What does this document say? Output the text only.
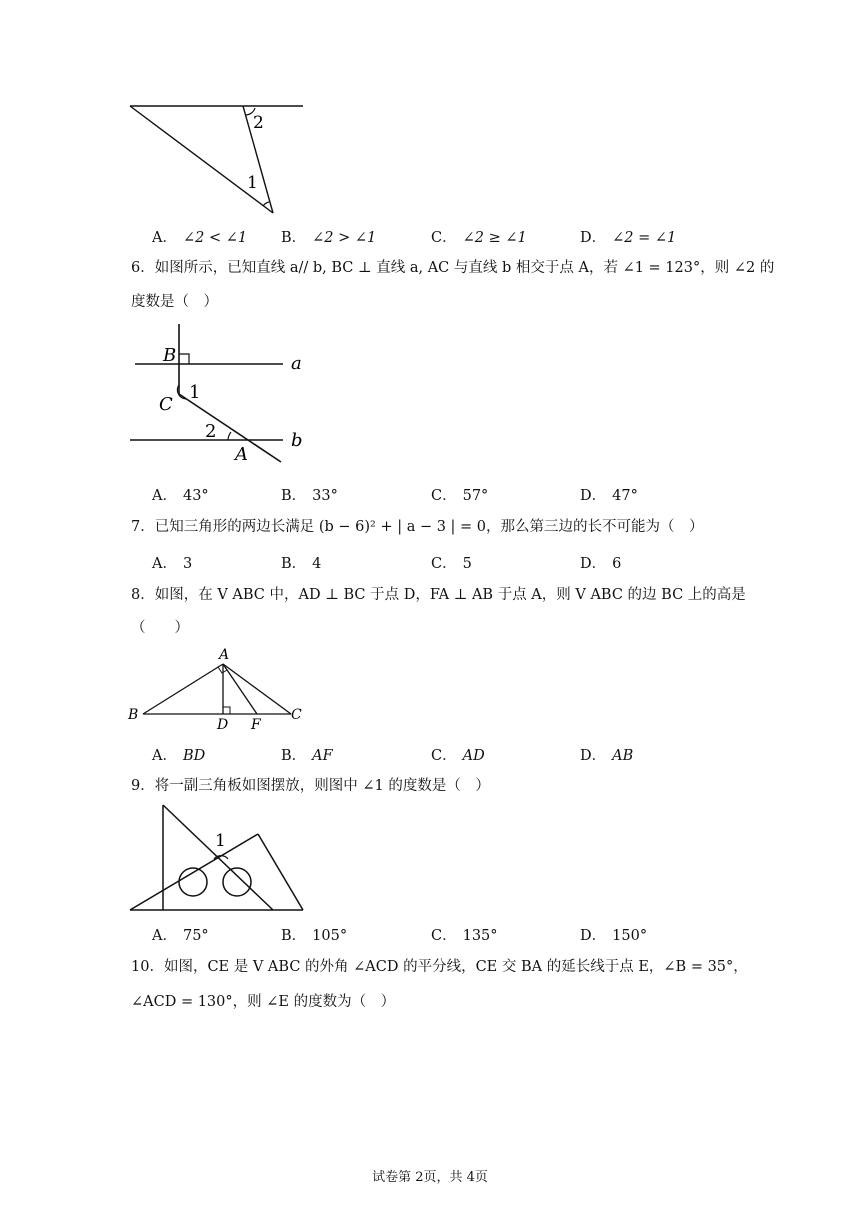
2
1
A． ∠2 < ∠1 B． ∠2 > ∠1	C． ∠2 ≥ ∠1	D． ∠2 = ∠1
6．如图所示，已知直线 a// b, BC ⊥ 直线 a, AC 与直线 b 相交于点 A，若 ∠1 = 123°，则 ∠2 的
度数是（　）
B	a
1
C
2
A
b
A． 43°	B． 33°	C． 57°	D． 47°
7．已知三角形的两边长满足 (b − 6)² + | a − 3 | = 0，那么第三边的长不可能为（　）
A． 3	B． 4	C． 5	D． 6
8．如图，在 V ABC 中，AD ⊥ BC 于点 D，FA ⊥ AB 于点 A，则 V ABC 的边 BC 上的高是
（　　）
A
B
D F
C
A． BD	B． AF	C． AD	D． AB
9．将一副三角板如图摆放，则图中 ∠1 的度数是（　）
1
A． 75°	B． 105°	C． 135°	D． 150°
10．如图，CE 是 V ABC 的外角 ∠ACD 的平分线，CE 交 BA 的延长线于点 E，∠B = 35°，
∠ACD = 130°，则 ∠E 的度数为（　）
试卷第 2页，共 4页
